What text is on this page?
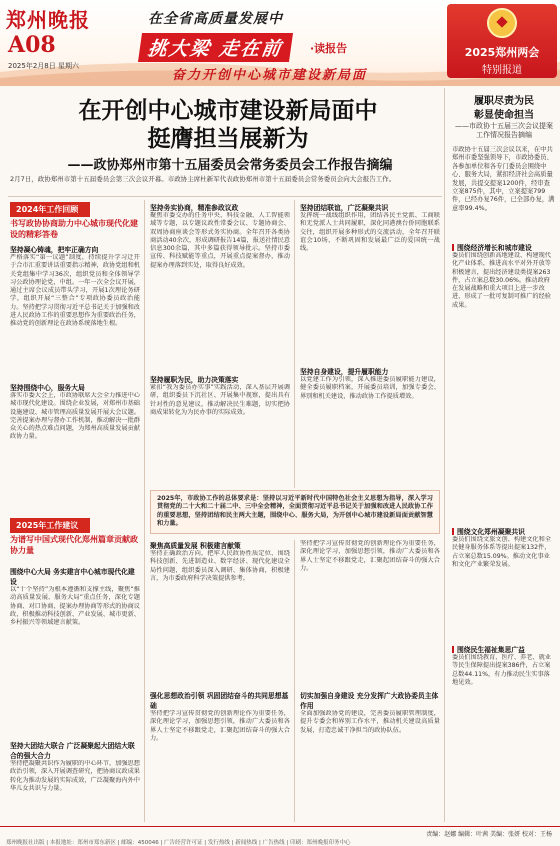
郑州晚报
A08
2025年2月8日 星期六
在全省高质量发展中
挑大梁 走在前	·读报告
奋力开创中心城市建设新局面
2025郑州两会
特别报道
在开创中心城市建设新局面中
挺膺担当展新为
——政协郑州市第十五届委员会常务委员会工作报告摘编
2月7日，政协郑州市第十五届委员会第三次会议开幕。市政协主席杜新军代表政协郑州市第十五届委员会常务委员会向大会报告工作。
2024年工作回顾
书写政协协商助力中心城市现代化建设的精彩答卷
坚持凝心铸魂，把牢正确方向
严格落实“第一议题”制度，持续提升学习迁开于合市汇重要讲话重要指示精神，政协党组和机关党组集中学习36次，组织党员和全体领导学习公政协理论党，中组。一年一次全会议开展，通过主席会议成员带头学习，开展1次理论务研学，组织开展“三整合”专项政协委员政治能力。坚持把学习贯彻习近平总书记关于加强和改进人民政协工作的重要思想作为重要政治任务，推动党的创新理论在政协系统落地生根。
坚持围绕中心，服务大局
落实市委大会上，市政协联席大会全力推进中心城市现代化建设。围绕企业发展，对郑州市基础设施建设、城市管理高质量发展开展大会议题。完善提案办理与督办工作机制，推动解决一批群众关心的热点难点问题，为郑州高质量发展贡献政协力量。
2025年工作建议
为谱写中国式现代化郑州篇章贡献政协力量
围绕中心大局 务实建言中心城市现代化建设
以“十个坚持”为根本遵循和支撑主线，聚焦“推动高质量发展、服务大局”重点任务，深化专题协商、对口协商、提案办理协商等形式的协商议政，积极推动科技创新、产业发展、城市更新、乡村振兴等领域建言献策。
坚持大团结大联合 广泛凝聚起大团结大联合的强大合力
坚持把凝聚共识作为履职的中心环节，加强思想政治引领，深入开展调查研究，把协商议政成果转化为推动发展的实际成效，广泛凝聚海内外中华儿女共识与力量。
坚持务实协商，精准参政议政
聚焦市委交办的任务中央、科技金融、人工智能领域等专题，以专题议政性常委会议、专题协商会、双周协商座谈会等形式务实协商。全年召开各类协商活动40余次，形成调研报告14篇，报送社情民意信息300余篇，其中多篇获得领导批示。坚持市委宣传、科技赋能等重点，开展重点提案督办，推动提案办理落到实处，取得良好成效。
坚持履职为民，助力决策落实
紧扣“我为委员办实事”实践活动，深入基层开展调研，组织委员下沉社区、开展集中视察，提出具有针对性的意见建议，推动解决民生难题，切实把协商成果转化为为民办事的实际成效。
坚持团结联谊，广泛凝聚共识
发挥统一战线组织作用，团结各民主党派、工商联和无党派人士共同履职，深化同港澳台侨同胞联系交往，组织开展多种形式的交流活动，全年召开联谊会10场，不断巩固和发展最广泛的爱国统一战线。
坚持自身建设，提升履职能力
以党建工作为引领，深入推进委员履职能力建设，健全委员履职档案，开展委员培训，加强专委会、界别和机关建设，推动政协工作提质增效。
2025年，市政协工作的总体要求是：坚持以习近平新时代中国特色社会主义思想为指导，深入学习贯彻党的二十大和二十届二中、三中全会精神，全面贯彻习近平总书记关于加强和改进人民政协工作的重要思想，坚持团结和民主两大主题，围绕中心、服务大局，为开创中心城市建设新局面贡献智慧和力量。
聚焦高质量发展 积极建言献策
坚持正确政治方向，把牢人民政协性质定位，围绕科技创新、先进制造业、数字经济、现代化建设全局性问题，组织委员深入调研、集体协商，积极建言，为市委政府科学决策提供参考。
强化思想政治引领 巩固团结奋斗的共同思想基础
坚持把学习宣传贯彻党的创新理论作为重要任务，深化理论学习，加强思想引领，推动广大委员和各界人士坚定不移跟党走，汇聚起团结奋斗的强大合力。
切实加强自身建设 充分发挥广大政协委员主体作用
全面加强政协党的建设，完善委员履职管理制度，提升专委会和界别工作水平，推动机关建设高质量发展，打造忠诚干净担当的政协队伍。
坚持把学习宣传贯彻党的创新理论作为重要任务，深化理论学习，加强思想引领，推动广大委员和各界人士坚定不移跟党走，汇聚起团结奋斗的强大合力。
履职尽责为民
彰显使命担当
——市政协十五届三次会议提案工作情况报告摘编
市政协十五届三次会议以来，在中共郑州市委坚强领导下，市政协委员、各参加单位和各专门委员会围绕中心、服务大局，紧扣经济社会高质量发展，共提交提案1200件，经审查立案875件，其中，立案提案799件，已经办复76件，已全部办复，满意率99.4%。
围绕经济增长和城市建设
委员们围绕创新高地建设、构建现代化产业体系，推进高水平对外开放等积极建言，提出经济建设类提案263件，占立案总数30.06%。推动政府在发展战略和重大项目上进一步改进，形成了一批可复制可推广的经验成果。
围绕文化郑州凝聚共识
委员们围绕文旅文创、构建文化和全民健身服务体系等提出提案132件，占立案总数15.09%。推动文化事业和文化产业繁荣发展。
围绕民生福祉集思广益
委员们围绕教育、医疗、养老、就业等民生保障提出提案386件，占立案总数44.11%，有力推动民生实事落地见效。
责编：赵娜 编辑：叶茜 美编：张妍 校对：王杨
郑州晚报社出版 | 本报地址：郑州市郑东新区 | 邮编：450046 | 广告经营许可证 | 发行热线 | 新闻热线 | 广告热线 | 印刷：郑州晚报印务中心
